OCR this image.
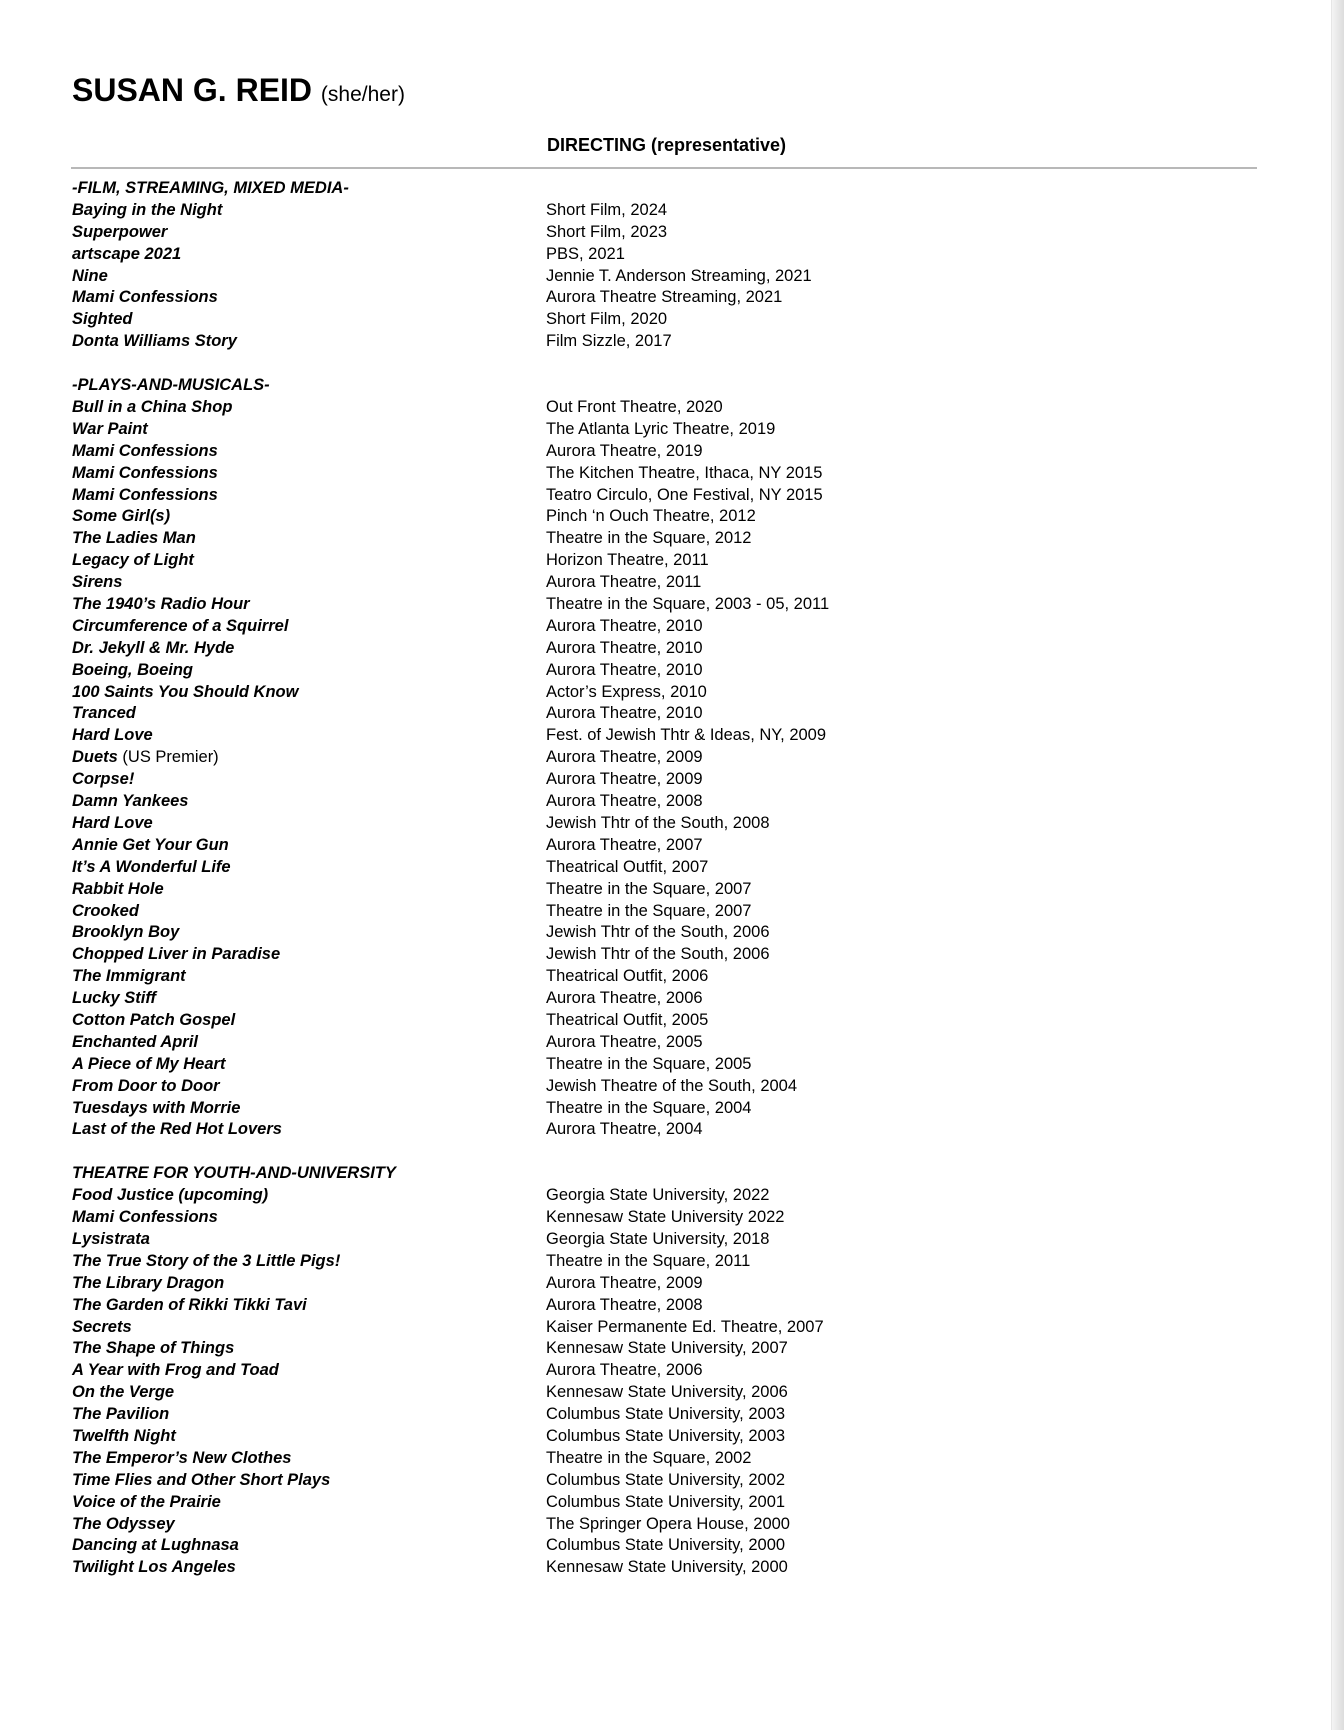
SUSAN G. REID (she/her)
DIRECTING (representative)
-FILM, STREAMING, MIXED MEDIA-
Baying in the Night	Short Film, 2024
Superpower	Short Film, 2023
artscape 2021	PBS, 2021
Nine	Jennie T. Anderson Streaming, 2021
Mami Confessions	Aurora Theatre Streaming, 2021
Sighted	Short Film, 2020
Donta Williams Story	Film Sizzle, 2017
-PLAYS-AND-MUSICALS-
Bull in a China Shop	Out Front Theatre, 2020
War Paint	The Atlanta Lyric Theatre, 2019
Mami Confessions	Aurora Theatre, 2019
Mami Confessions	The Kitchen Theatre, Ithaca, NY 2015
Mami Confessions	Teatro Circulo, One Festival, NY 2015
Some Girl(s)	Pinch ‘n Ouch Theatre, 2012
The Ladies Man	Theatre in the Square, 2012
Legacy of Light	Horizon Theatre, 2011
Sirens	Aurora Theatre, 2011
The 1940’s Radio Hour	Theatre in the Square, 2003 - 05, 2011
Circumference of a Squirrel	Aurora Theatre, 2010
Dr. Jekyll & Mr. Hyde	Aurora Theatre, 2010
Boeing, Boeing	Aurora Theatre, 2010
100 Saints You Should Know	Actor’s Express, 2010
Tranced	Aurora Theatre, 2010
Hard Love	Fest. of Jewish Thtr & Ideas, NY, 2009
Duets (US Premier)	Aurora Theatre, 2009
Corpse!	Aurora Theatre, 2009
Damn Yankees	Aurora Theatre, 2008
Hard Love	Jewish Thtr of the South, 2008
Annie Get Your Gun	Aurora Theatre, 2007
It’s A Wonderful Life	Theatrical Outfit, 2007
Rabbit Hole	Theatre in the Square, 2007
Crooked	Theatre in the Square, 2007
Brooklyn Boy	Jewish Thtr of the South, 2006
Chopped Liver in Paradise	Jewish Thtr of the South, 2006
The Immigrant	Theatrical Outfit, 2006
Lucky Stiff	Aurora Theatre, 2006
Cotton Patch Gospel	Theatrical Outfit, 2005
Enchanted April	Aurora Theatre, 2005
A Piece of My Heart	Theatre in the Square, 2005
From Door to Door	Jewish Theatre of the South, 2004
Tuesdays with Morrie	Theatre in the Square, 2004
Last of the Red Hot Lovers	Aurora Theatre, 2004
THEATRE FOR YOUTH-AND-UNIVERSITY
Food Justice (upcoming)	Georgia State University, 2022
Mami Confessions	Kennesaw State University 2022
Lysistrata	Georgia State University, 2018
The True Story of the 3 Little Pigs!	Theatre in the Square, 2011
The Library Dragon	Aurora Theatre, 2009
The Garden of Rikki Tikki Tavi	Aurora Theatre, 2008
Secrets	Kaiser Permanente Ed. Theatre, 2007
The Shape of Things	Kennesaw State University, 2007
A Year with Frog and Toad	Aurora Theatre, 2006
On the Verge	Kennesaw State University, 2006
The Pavilion	Columbus State University, 2003
Twelfth Night	Columbus State University, 2003
The Emperor’s New Clothes	Theatre in the Square, 2002
Time Flies and Other Short Plays	Columbus State University, 2002
Voice of the Prairie	Columbus State University, 2001
The Odyssey	The Springer Opera House, 2000
Dancing at Lughnasa	Columbus State University, 2000
Twilight Los Angeles	Kennesaw State University, 2000
